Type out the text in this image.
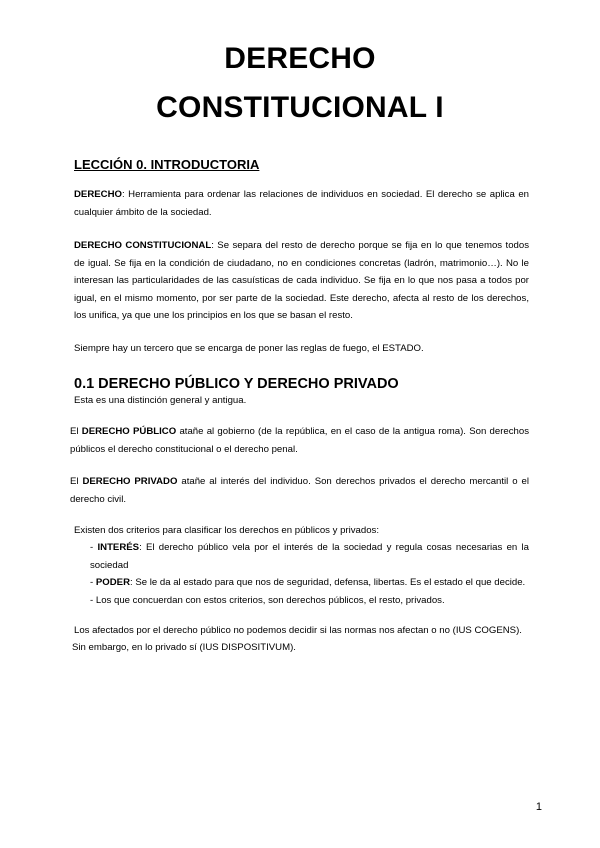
DERECHO
CONSTITUCIONAL I

LECCIÓN 0. INTRODUCTORIA

DERECHO: Herramienta para ordenar las relaciones de individuos en sociedad. El derecho se aplica en cualquier ámbito de la sociedad.

DERECHO CONSTITUCIONAL: Se separa del resto de derecho porque se fija en lo que tenemos todos de igual. Se fija en la condición de ciudadano, no en condiciones concretas (ladrón, matrimonio…). No le interesan las particularidades de las casuísticas de cada individuo. Se fija en lo que nos pasa a todos por igual, en el mismo momento, por ser parte de la sociedad. Este derecho, afecta al resto de los derechos, los unifica, ya que une los principios en los que se basan el resto.

Siempre hay un tercero que se encarga de poner las reglas de fuego, el ESTADO.

0.1 DERECHO PÚBLICO Y DERECHO PRIVADO

Esta es una distinción general y antigua.

El DERECHO PÚBLICO atañe al gobierno (de la república, en el caso de la antigua roma). Son derechos públicos el derecho constitucional o el derecho penal.

El DERECHO PRIVADO atañe al interés del individuo. Son derechos privados el derecho mercantil o el derecho civil.

Existen dos criterios para clasificar los derechos en públicos y privados:

- INTERÉS: El derecho público vela por el interés de la sociedad y regula cosas necesarias en la sociedad
- PODER: Se le da al estado para que nos de seguridad, defensa, libertas. Es el estado el que decide.
- Los que concuerdan con estos criterios, son derechos públicos, el resto, privados.

Los afectados por el derecho público no podemos decidir si las normas nos afectan o no (IUS COGENS).

Sin embargo, en lo privado sí (IUS DISPOSITIVUM).

1
